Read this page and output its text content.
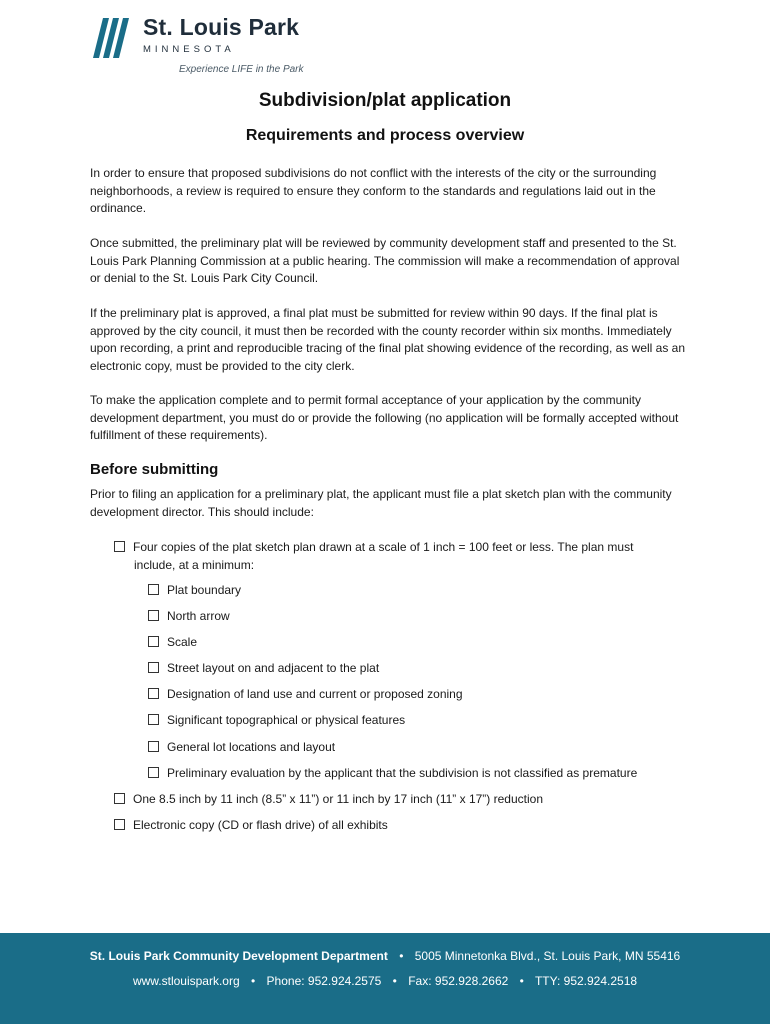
St. Louis Park
MINNESOTA
Experience LIFE in the Park
Subdivision/plat application
Requirements and process overview

In order to ensure that proposed subdivisions do not conflict with the interests of the city or the surrounding neighborhoods, a review is required to ensure they conform to the standards and regulations laid out in the ordinance.

Once submitted, the preliminary plat will be reviewed by community development staff and presented to the St. Louis Park Planning Commission at a public hearing. The commission will make a recommendation of approval or denial to the St. Louis Park City Council.

If the preliminary plat is approved, a final plat must be submitted for review within 90 days. If the final plat is approved by the city council, it must then be recorded with the county recorder within six months. Immediately upon recording, a print and reproducible tracing of the final plat showing evidence of the recording, as well as an electronic copy, must be provided to the city clerk.

To make the application complete and to permit formal acceptance of your application by the community development department, you must do or provide the following (no application will be formally accepted without fulfillment of these requirements).

Before submitting

Prior to filing an application for a preliminary plat, the applicant must file a plat sketch plan with the community development director. This should include:

Four copies of the plat sketch plan drawn at a scale of 1 inch = 100 feet or less. The plan must
include, at a minimum:
Plat boundary
North arrow
Scale
Street layout on and adjacent to the plat
Designation of land use and current or proposed zoning
Significant topographical or physical features
General lot locations and layout
Preliminary evaluation by the applicant that the subdivision is not classified as premature
One 8.5 inch by 11 inch (8.5” x 11”) or 11 inch by 17 inch (11” x 17”) reduction
Electronic copy (CD or flash drive) of all exhibits
St. Louis Park Community Development Department • 5005 Minnetonka Blvd., St. Louis Park, MN 55416
www.stlouispark.org • Phone: 952.924.2575 • Fax: 952.928.2662 • TTY: 952.924.2518
